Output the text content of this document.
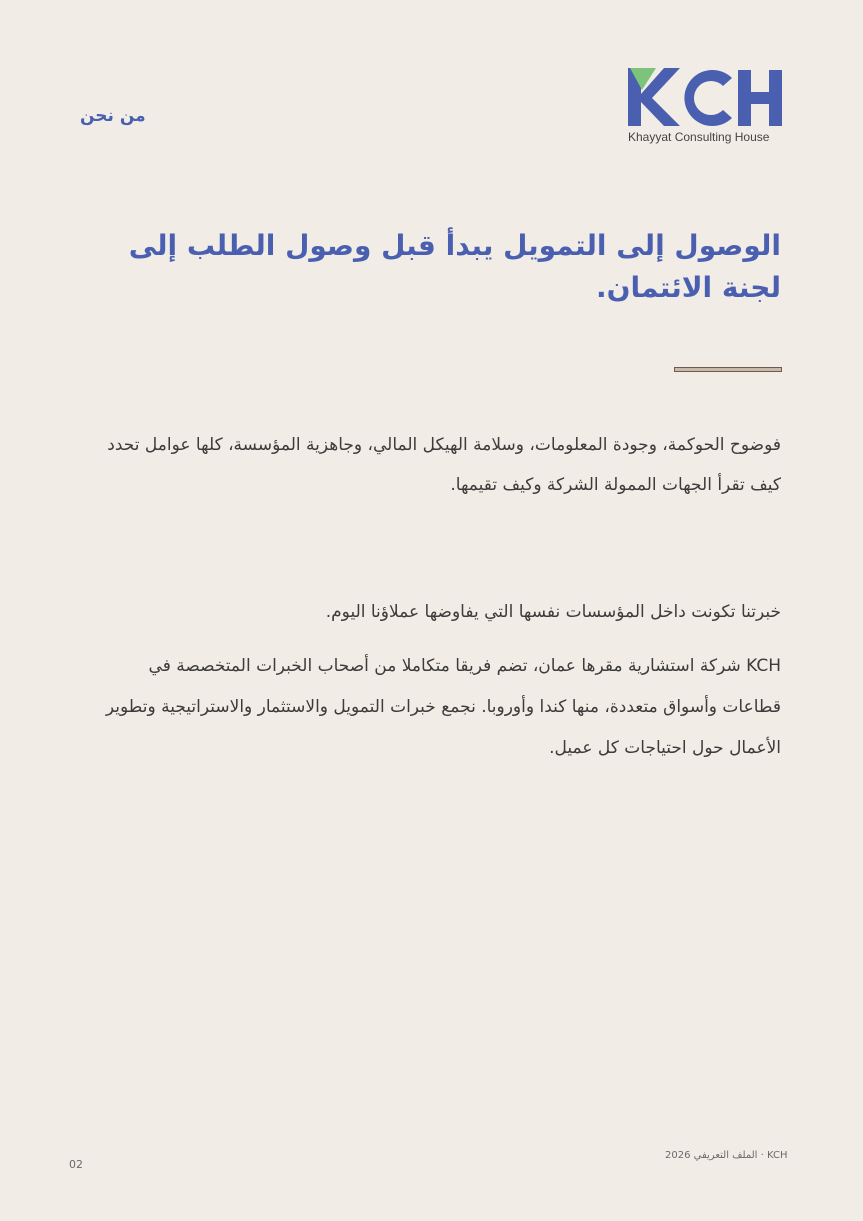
من نحن
Khayyat Consulting House
الوصول إلى التمويل يبدأ قبل وصول الطلب إلى لجنة الائتمان.

فوضوح الحوكمة، وجودة المعلومات، وسلامة الهيكل المالي، وجاهزية المؤسسة، كلها عوامل تحدد كيف تقرأ الجهات الممولة الشركة وكيف تقيمها.

خبرتنا تكونت داخل المؤسسات نفسها التي يفاوضها عملاؤنا اليوم.

KCH شركة استشارية مقرها عمان، تضم فريقا متكاملا من أصحاب الخبرات المتخصصة في قطاعات وأسواق متعددة، منها كندا وأوروبا. نجمع خبرات التمويل والاستثمار والاستراتيجية وتطوير الأعمال حول احتياجات كل عميل.

KCH · الملف التعريفي 2026
02
